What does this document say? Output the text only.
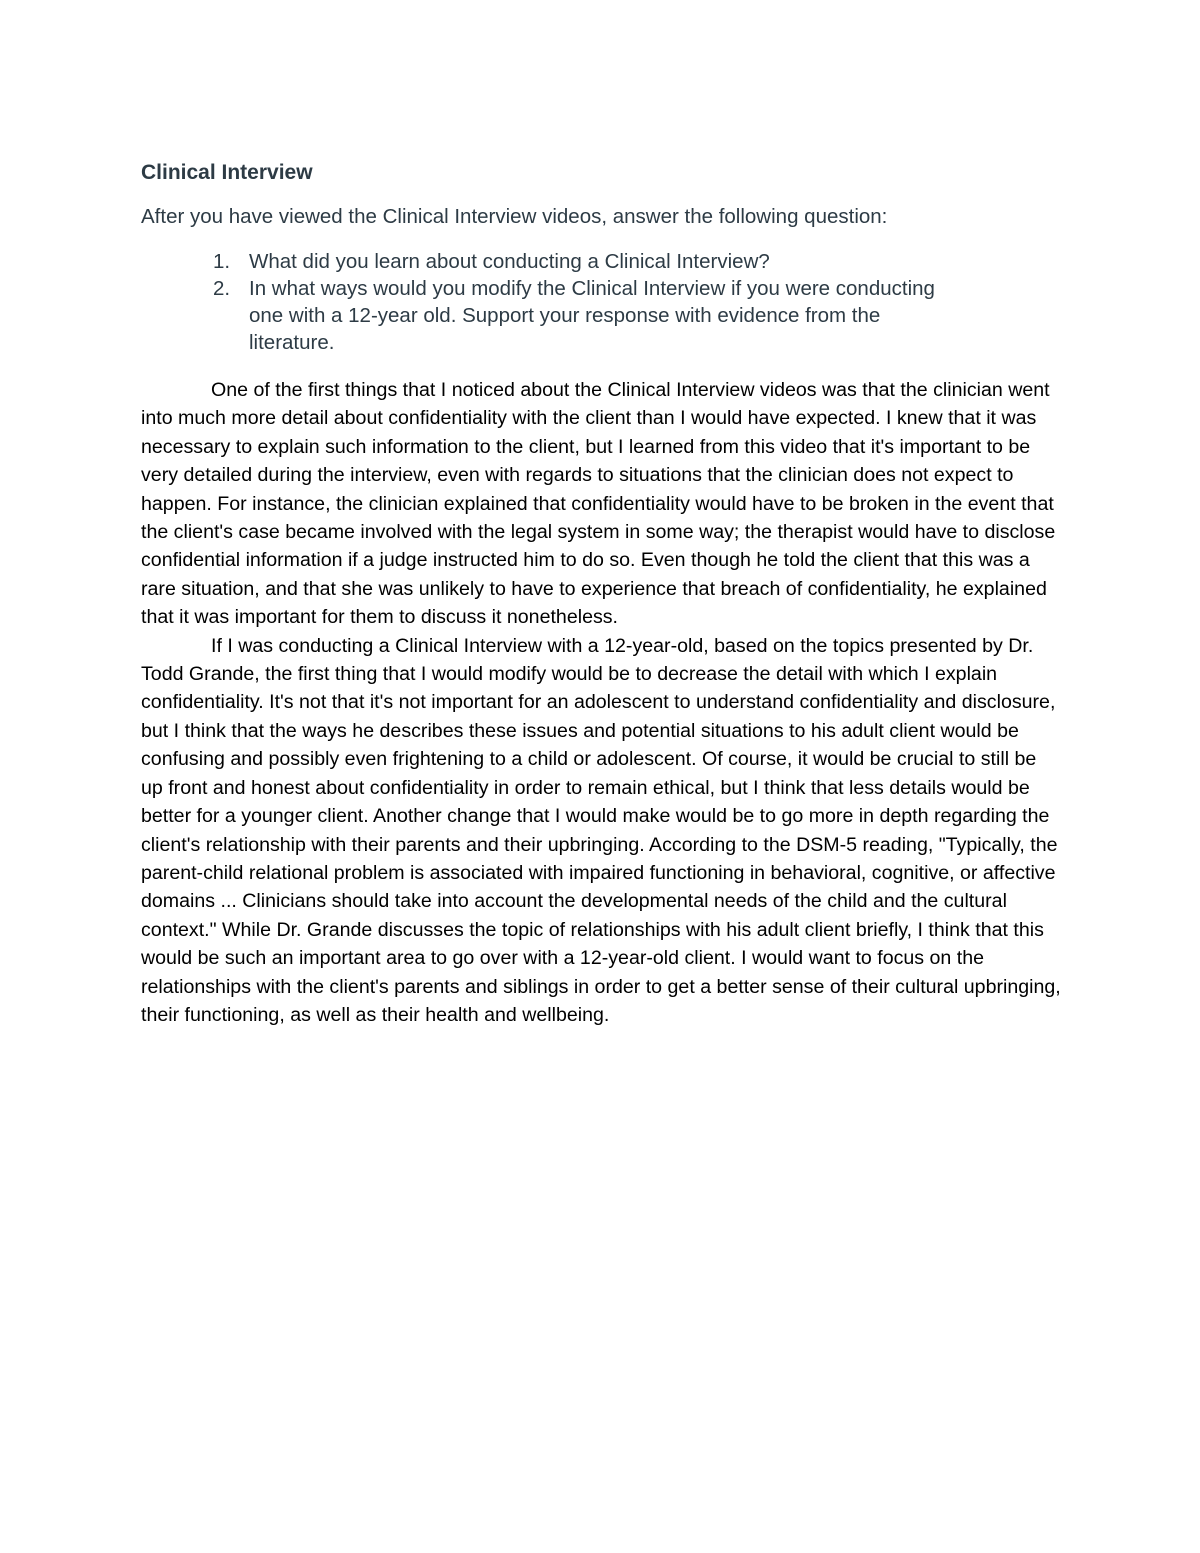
Clinical Interview

After you have viewed the Clinical Interview videos, answer the following question:

1. What did you learn about conducting a Clinical Interview?
2. In what ways would you modify the Clinical Interview if you were conducting one with a 12-year old. Support your response with evidence from the literature.

One of the first things that I noticed about the Clinical Interview videos was that the clinician went into much more detail about confidentiality with the client than I would have expected. I knew that it was necessary to explain such information to the client, but I learned from this video that it's important to be very detailed during the interview, even with regards to situations that the clinician does not expect to happen. For instance, the clinician explained that confidentiality would have to be broken in the event that the client's case became involved with the legal system in some way; the therapist would have to disclose confidential information if a judge instructed him to do so. Even though he told the client that this was a rare situation, and that she was unlikely to have to experience that breach of confidentiality, he explained that it was important for them to discuss it nonetheless.

If I was conducting a Clinical Interview with a 12-year-old, based on the topics presented by Dr. Todd Grande, the first thing that I would modify would be to decrease the detail with which I explain confidentiality. It's not that it's not important for an adolescent to understand confidentiality and disclosure, but I think that the ways he describes these issues and potential situations to his adult client would be confusing and possibly even frightening to a child or adolescent. Of course, it would be crucial to still be up front and honest about confidentiality in order to remain ethical, but I think that less details would be better for a younger client. Another change that I would make would be to go more in depth regarding the client's relationship with their parents and their upbringing. According to the DSM-5 reading, "Typically, the parent-child relational problem is associated with impaired functioning in behavioral, cognitive, or affective domains ... Clinicians should take into account the developmental needs of the child and the cultural context." While Dr. Grande discusses the topic of relationships with his adult client briefly, I think that this would be such an important area to go over with a 12-year-old client. I would want to focus on the relationships with the client's parents and siblings in order to get a better sense of their cultural upbringing, their functioning, as well as their health and wellbeing.
